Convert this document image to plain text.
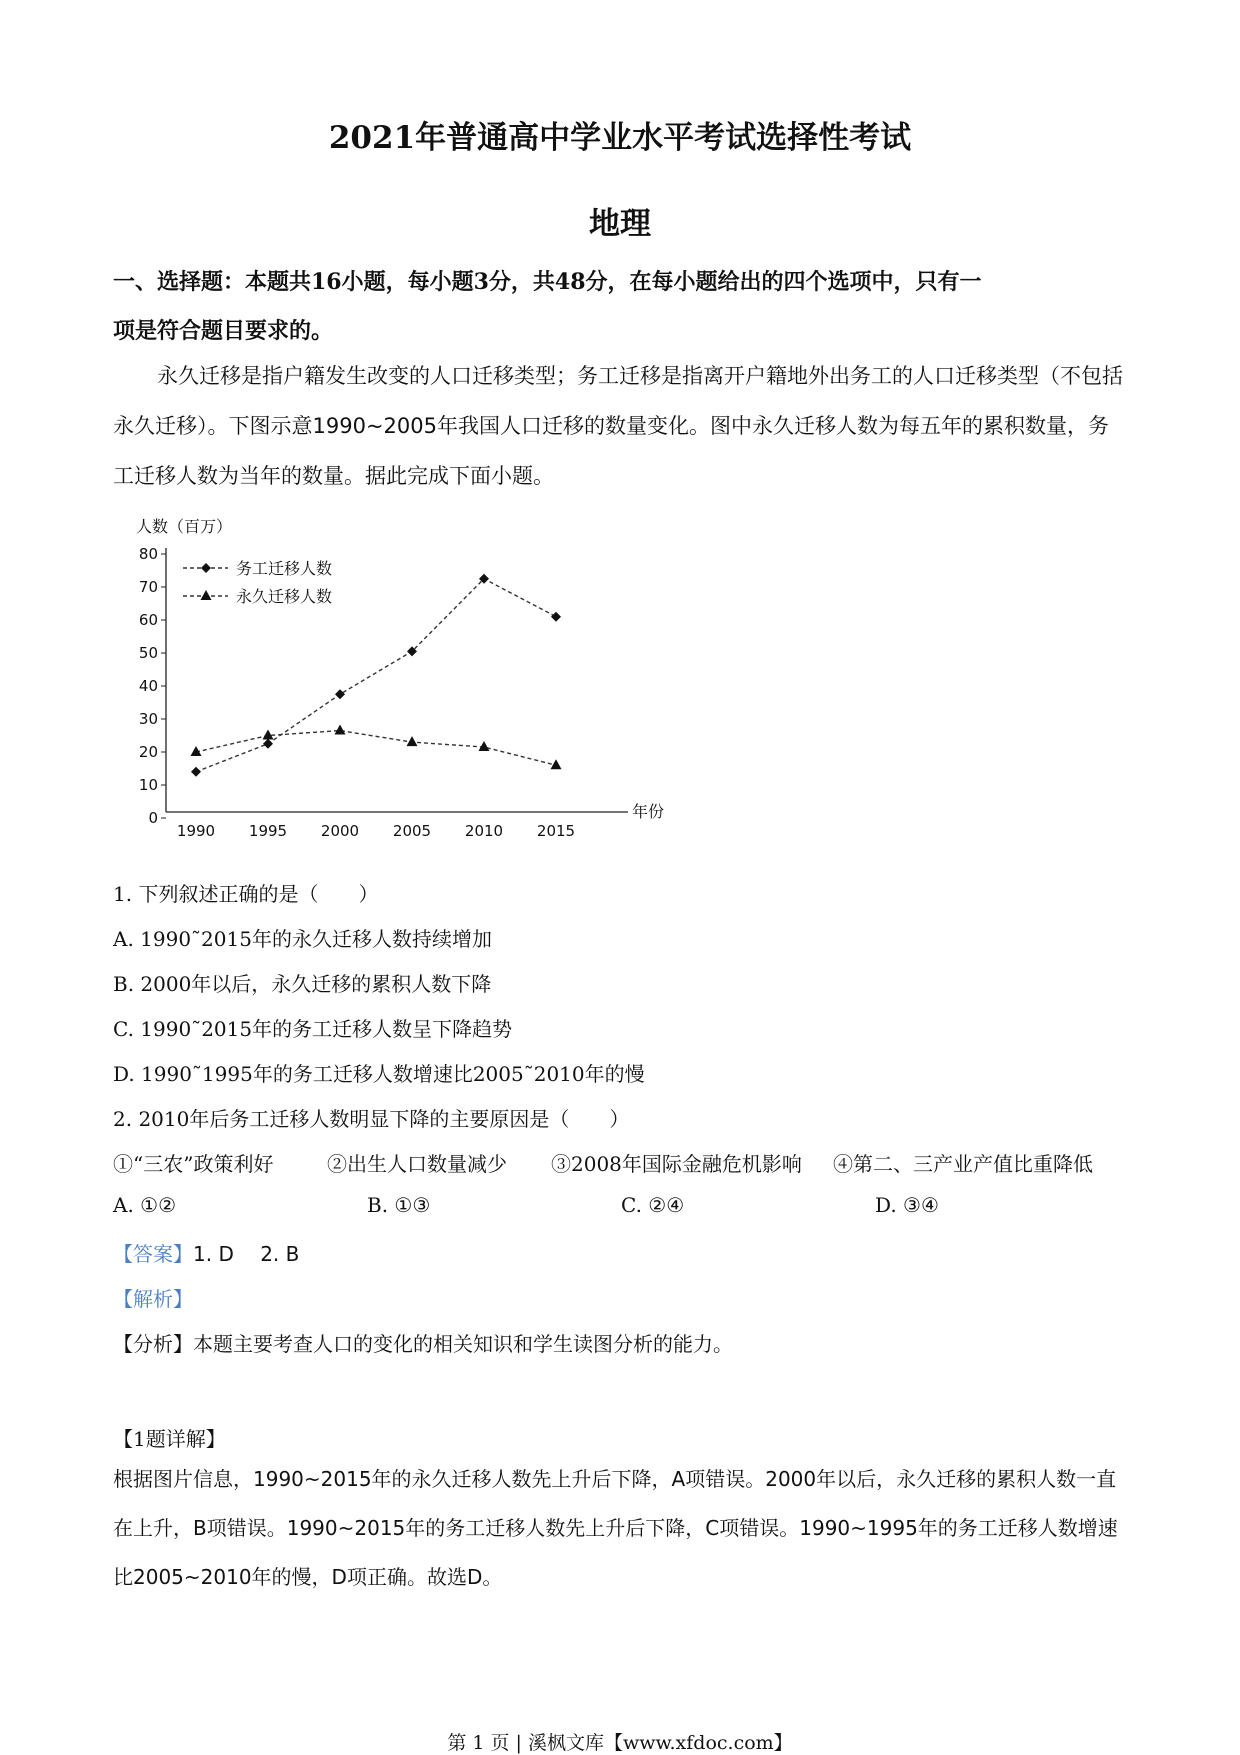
2021年普通高中学业水平考试选择性考试
地理
一、选择题：本题共16小题，每小题3分，共48分，在每小题给出的四个选项中，只有一
项是符合题目要求的。
永久迁移是指户籍发生改变的人口迁移类型；务工迁移是指离开户籍地外出务工的人口迁移类型（不包括永久迁移）。下图示意1990~2005年我国人口迁移的数量变化。图中永久迁移人数为每五年的累积数量，务工迁移人数为当年的数量。据此完成下面小题。
人数（百万）
年份
0
10
20
30
40
50
60
70
80
1990 1995 2000 2005 2010 2015
务工迁移人数
永久迁移人数
1. 下列叙述正确的是（　　）
A. 1990˜2015年的永久迁移人数持续增加
B. 2000年以后，永久迁移的累积人数下降
C. 1990˜2015年的务工迁移人数呈下降趋势
D. 1990˜1995年的务工迁移人数增速比2005˜2010年的慢
2. 2010年后务工迁移人数明显下降的主要原因是（　　）
①“三农”政策利好	②出生人口数量减少 ③2008年国际金融危机影响 ④第二、三产业产值比重降低
A. ①②	B. ①③	C. ②④	D. ③④
【答案】1. D　 2. B
【解析】
【分析】本题主要考查人口的变化的相关知识和学生读图分析的能力。
【1题详解】
根据图片信息，1990~2015年的永久迁移人数先上升后下降，A项错误。2000年以后，永久迁移的累积人数一直在上升，B项错误。1990~2015年的务工迁移人数先上升后下降，C项错误。1990~1995年的务工迁移人数增速比2005~2010年的慢，D项正确。故选D。
第 1 页 | 溪枫文库【www.xfdoc.com】
